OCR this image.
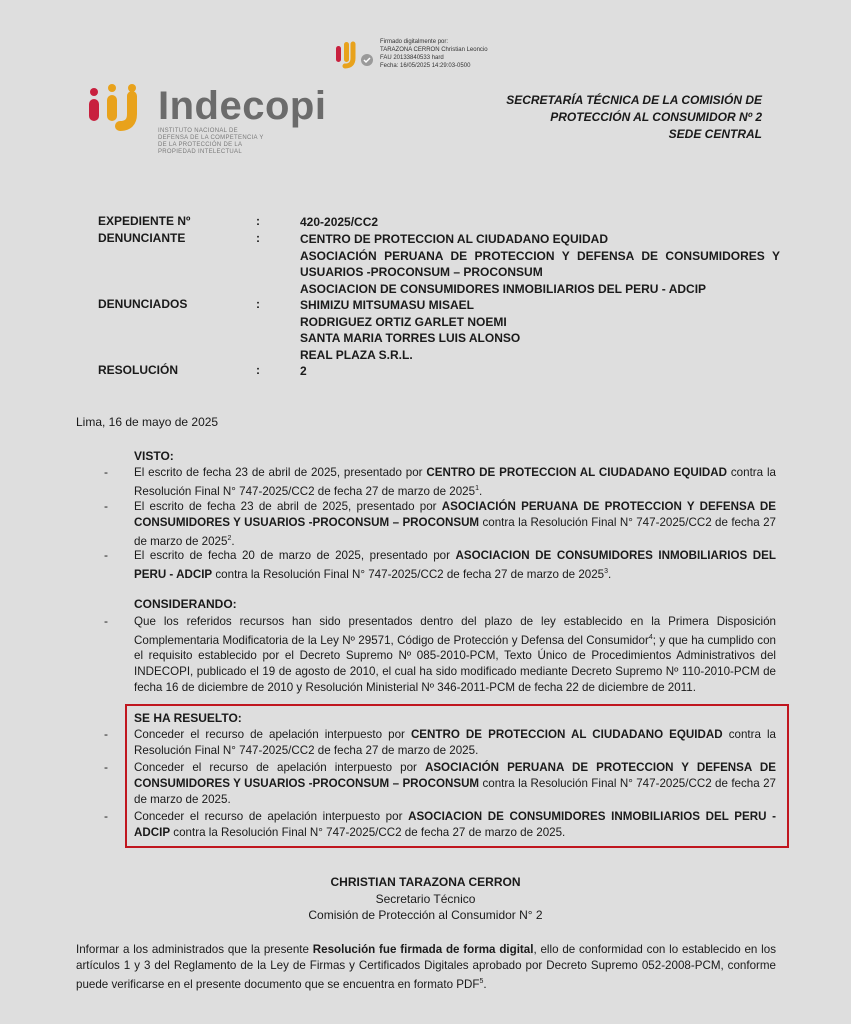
Firmado digitalmente por:
TARAZONA CERRON Christian Leoncio
FAU 20133840533 hard
Fecha: 16/05/2025 14:29:03-0500
Indecopi
INSTITUTO NACIONAL DE DEFENSA DE LA COMPETENCIA Y DE LA PROTECCIÓN DE LA PROPIEDAD INTELECTUAL
SECRETARÍA TÉCNICA DE LA COMISIÓN DE
PROTECCIÓN AL CONSUMIDOR Nº 2
SEDE CENTRAL
EXPEDIENTE Nº	:	420-2025/CC2
DENUNCIANTE	:	CENTRO DE PROTECCION AL CIUDADANO EQUIDAD
ASOCIACIÓN PERUANA DE PROTECCION Y DEFENSA DE CONSUMIDORES Y USUARIOS -PROCONSUM – PROCONSUM
ASOCIACION DE CONSUMIDORES INMOBILIARIOS DEL PERU - ADCIP
DENUNCIADOS	:	SHIMIZU MITSUMASU MISAEL
RODRIGUEZ ORTIZ GARLET NOEMI
SANTA MARIA TORRES LUIS ALONSO
REAL PLAZA S.R.L.
RESOLUCIÓN	:	2
Lima, 16 de mayo de 2025
VISTO:
- El escrito de fecha 23 de abril de 2025, presentado por CENTRO DE PROTECCION AL CIUDADANO EQUIDAD contra la Resolución Final N° 747-2025/CC2 de fecha 27 de marzo de 2025$^1$.
- El escrito de fecha 23 de abril de 2025, presentado por ASOCIACIÓN PERUANA DE PROTECCION Y DEFENSA DE CONSUMIDORES Y USUARIOS -PROCONSUM – PROCONSUM contra la Resolución Final N° 747-2025/CC2 de fecha 27 de marzo de 2025$^2$.
- El escrito de fecha 20 de marzo de 2025, presentado por ASOCIACION DE CONSUMIDORES INMOBILIARIOS DEL PERU - ADCIP contra la Resolución Final N° 747-2025/CC2 de fecha 27 de marzo de 2025$^3$.
CONSIDERANDO:
- Que los referidos recursos han sido presentados dentro del plazo de ley establecido en la Primera Disposición Complementaria Modificatoria de la Ley Nº 29571, Código de Protección y Defensa del Consumidor$^4$; y que ha cumplido con el requisito establecido por el Decreto Supremo Nº 085-2010-PCM, Texto Único de Procedimientos Administrativos del INDECOPI, publicado el 19 de agosto de 2010, el cual ha sido modificado mediante Decreto Supremo Nº 110-2010-PCM de fecha 16 de diciembre de 2010 y Resolución Ministerial Nº 346-2011-PCM de fecha 22 de diciembre de 2011.
SE HA RESUELTO:
- Conceder el recurso de apelación interpuesto por CENTRO DE PROTECCION AL CIUDADANO EQUIDAD contra la Resolución Final N° 747-2025/CC2 de fecha 27 de marzo de 2025.
- Conceder el recurso de apelación interpuesto por ASOCIACIÓN PERUANA DE PROTECCION Y DEFENSA DE CONSUMIDORES Y USUARIOS -PROCONSUM – PROCONSUM contra la Resolución Final N° 747-2025/CC2 de fecha 27 de marzo de 2025.
- Conceder el recurso de apelación interpuesto por ASOCIACION DE CONSUMIDORES INMOBILIARIOS DEL PERU - ADCIP contra la Resolución Final N° 747-2025/CC2 de fecha 27 de marzo de 2025.
CHRISTIAN TARAZONA CERRON
Secretario Técnico
Comisión de Protección al Consumidor N° 2
Informar a los administrados que la presente Resolución fue firmada de forma digital, ello de conformidad con lo establecido en los artículos 1 y 3 del Reglamento de la Ley de Firmas y Certificados Digitales aprobado por Decreto Supremo 052-2008-PCM, conforme puede verificarse en el presente documento que se encuentra en formato PDF$^5$.
